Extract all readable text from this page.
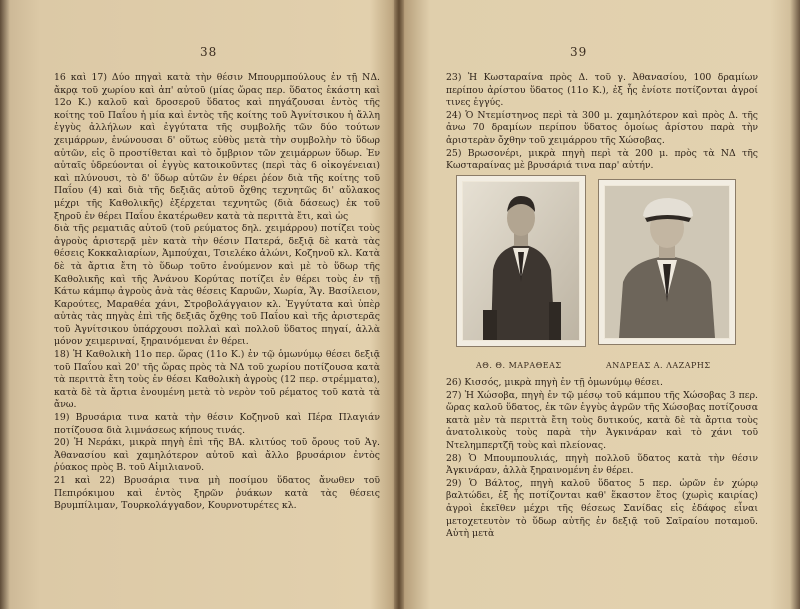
38

16 καὶ 17) Δύο πηγαὶ κατὰ τὴν θέσιν Μπουρμπούλους ἐν τῇ ΝΔ. ἄκρᾳ τοῦ χωρίου καὶ ἀπ' αὐτοῦ (μίας ὥρας περ. ὕδατος ἑκάστη καὶ 12ο Κ.) καλοῦ καὶ δροσεροῦ ὕδατος καὶ πηγάζουσαι ἐντὸς τῆς κοίτης τοῦ Παΐου ἡ μία καὶ ἐντὸς τῆς κοίτης τοῦ Ἀγνίτσικου ἡ ἄλλη ἐγγὺς ἀλλήλων καὶ ἐγγύτατα τῆς συμβολῆς τῶν δύο τούτων χειμάρρων, ἑνώνουσαι δ' οὕτως εὐθὺς μετὰ τὴν συμβολὴν τὸ ὕδωρ αὐτῶν, εἰς ὃ προστίθεται καὶ τὸ ὄμβριον τῶν χειμάρρων ὕδωρ. Ἐν αὐταῖς ὑδρεύονται οἱ ἐγγὺς κατοικοῦντες (περὶ τὰς 6 οἰκογένειαι) καὶ πλύνουσι, τὸ δ' ὕδωρ αὐτῶν ἐν θέρει ῥέον διὰ τῆς κοίτης τοῦ Παΐου (4) καὶ διὰ τῆς δεξιᾶς αὐτοῦ ὄχθης τεχνητῶς δι' αὔλακος μέχρι τῆς Καθολικῆς) ἐξέρχεται τεχνητῶς (διὰ δάσεως) ἐκ τοῦ ξηροῦ ἐν θέρει Παΐου ἑκατέρωθεν κατὰ τὰ περιττὰ ἔτι, καὶ ὡς

διὰ τῆς ρεματιᾶς αὐτοῦ (τοῦ ρεύματος δηλ. χειμάρρου) ποτίζει τοὺς ἀγροὺς ἀριστερᾷ μὲν κατὰ τὴν θέσιν Πατερά, δεξιᾷ δὲ κατὰ τὰς θέσεις Κοκκαλιαρίων, Ἀμπούχαι, Τσιελέκο ἀλώνι, Κοζηνοῦ κλ. Κατὰ δὲ τὰ ἄρτια ἔτη τὸ ὕδωρ τοῦτο ἑνούμενον καὶ μὲ τὸ ὕδωρ τῆς Καθολικῆς καὶ τῆς Ἀνάνου Κορύτας ποτίζει ἐν θέρει τοὺς ἐν τῇ Κάτω κάμπῳ ἀγροὺς ἀνὰ τὰς θέσεις Καρυῶν, Χωρία, Ἅγ. Βασίλειον, Καρούτες, Μαραθέα χάνι, Στροβολάγγαιον κλ. Ἐγγύτατα καὶ ὑπὲρ αὐτὰς τὰς πηγὰς ἐπὶ τῆς δεξιᾶς ὄχθης τοῦ Παΐου καὶ τῆς ἀριστερᾶς τοῦ Ἀγνίτσικου ὑπάρχουσι πολλαὶ καὶ πολλοῦ ὕδατος πηγαί, ἀλλὰ μόνον χειμεριναί, ξηραινόμεναι ἐν θέρει.

18) Ἡ Καθολικὴ 11ο περ. ὥρας (11ο Κ.) ἐν τῷ ὁμωνύμῳ θέσει δεξιᾷ τοῦ Παΐου καὶ 20' τῆς ὥρας πρὸς τὰ ΝΔ τοῦ χωρίου ποτίζουσα κατὰ τὰ περιττὰ ἔτη τοὺς ἐν θέσει Καθολικὴ ἀγροὺς (12 περ. στρέμματα), κατὰ δὲ τὰ ἄρτια ἑνουμένη μετὰ τὸ νερὸν τοῦ ρέματος τοῦ κατὰ τὰ ἄνω.

19) Βρυσάρια τινα κατὰ τὴν θέσιν Κοζηνοῦ καὶ Πέρα Πλαγιάν ποτίζουσα διὰ λιμνάσεως κήπους τινάς.

20) Ἡ Νεράκι, μικρὰ πηγὴ ἐπὶ τῆς ΒΑ. κλιτύος τοῦ ὄρους τοῦ Ἁγ. Ἀθανασίου καὶ χαμηλότερον αὐτοῦ καὶ ἄλλο βρυσάριον ἐντὸς ῥύακος πρὸς Β. τοῦ Αἰμιλιανοῦ.

21 καὶ 22) Βρυσάρια τινα μὴ ποσίμου ὕδατος ἄνωθεν τοῦ Πεπιρόκιμου καὶ ἐντὸς ξηρῶν ῥυάκων κατὰ τὰς θέσεις Βρυμπίλιμαν, Τουρκολάγγαδον, Κουρνοτυρέτες κλ.

39

23) Ἡ Κωσταραίνα πρὸς Δ. τοῦ γ. Ἀθανασίου, 100 δραμίων περίπου ἀρίστου ὕδατος (11ο Κ.), ἐξ ἧς ἐνίοτε ποτίζονται ἀγροί τινες ἐγγύς.

24) Ὁ Ντεμίστηνος περὶ τὰ 300 μ. χαμηλότερον καὶ πρὸς Δ. τῆς ἀνω 70 δραμίων περίπου ὕδατος ὁμοίως ἀρίστου παρὰ τὴν ἀριστερὰν ὄχθην τοῦ χειμάρρου τῆς Χώσοβας.

25) Βρωσονέρι, μικρὰ πηγὴ περὶ τὰ 200 μ. πρὸς τὰ ΝΔ τῆς Κωσταραίνας μὲ βρυσάριά τινα παρ' αὐτήν.

ΑΘ. Θ. ΜΑΡΑΘΕΑΣ	ΑΝΔΡΕΑΣ Α. ΛΑΖΑΡΗΣ

26) Κισσός, μικρὰ πηγὴ ἐν τῇ ὁμωνύμῳ θέσει.

27) Ἡ Χώσοβα, πηγὴ ἐν τῷ μέσῳ τοῦ κάμπου τῆς Χώσοβας 3 περ. ὥρας καλοῦ ὕδατος, ἐκ τῶν ἐγγὺς ἀγρῶν τῆς Χώσοβας ποτίζουσα κατὰ μὲν τὰ περιττὰ ἔτη τοὺς δυτικούς, κατὰ δὲ τὰ ἄρτια τοὺς ἀνατολικοὺς τοὺς παρὰ τὴν Ἀγκινάραν καὶ τὸ χάνι τοῦ Ντελημπερτζῆ τοὺς καὶ πλείονας.

28) Ὁ Μπουμπουλιάς, πηγὴ πολλοῦ ὕδατος κατὰ τὴν θέσιν Ἀγκινάραν, ἀλλὰ ξηραινομένη ἐν θέρει.

29) Ὁ Βάλτος, πηγὴ καλοῦ ὕδατος 5 περ. ὡρῶν ἐν χώρῳ βαλτώδει, ἐξ ἧς ποτίζονται καθ' ἕκαστον ἔτος (χωρὶς καιρίας) ἀγροὶ ἐκεῖθεν μέχρι τῆς θέσεως Σανίδας εἰς ἐδάφος εἶναι μετοχετευτὸν τὸ ὕδωρ αὐτῆς ἐν δεξιᾷ τοῦ Σαϊραίου ποταμοῦ. Αὐτὴ μετὰ
